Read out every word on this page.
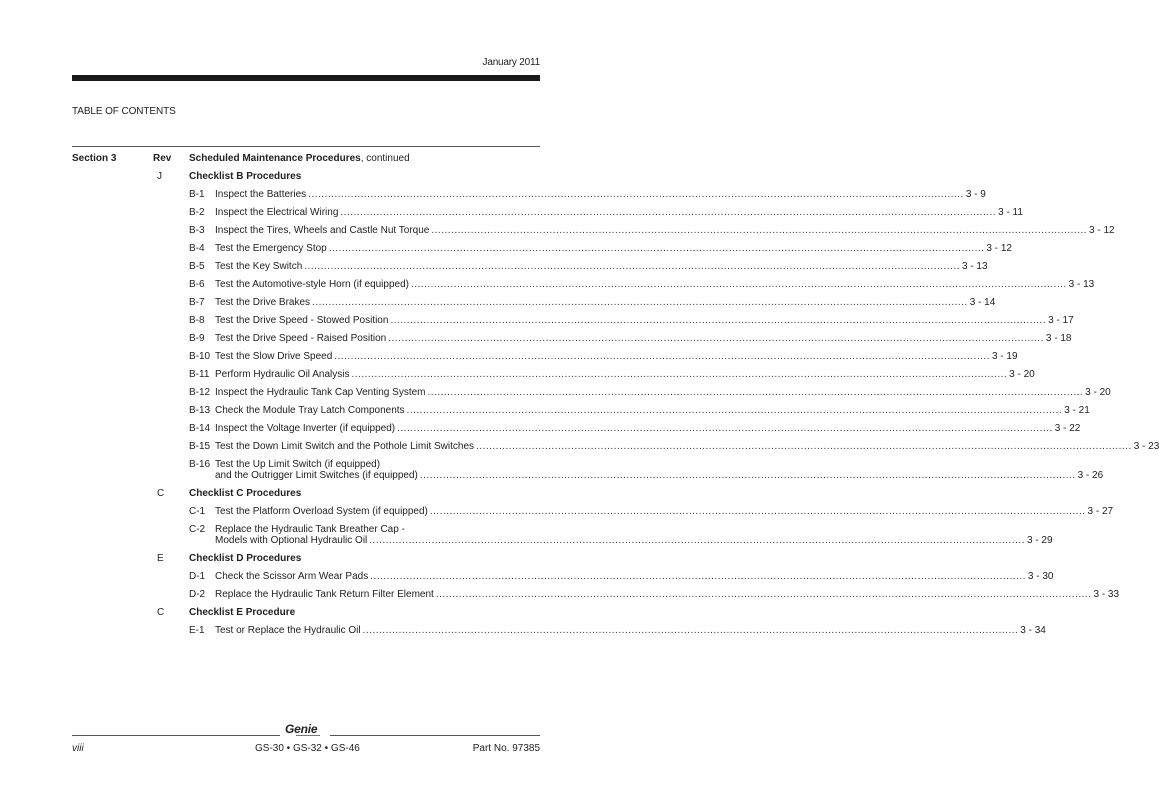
January 2011
TABLE OF CONTENTS
Section 3	Rev Scheduled Maintenance Procedures, continued
J	Checklist B Procedures
B-1 Inspect the Batteries ........................................................................................................................................................................................................ 3 - 9
B-2 Inspect the Electrical Wiring ........................................................................................................................................................................................................ 3 - 11
B-3 Inspect the Tires, Wheels and Castle Nut Torque ........................................................................................................................................................................................................ 3 - 12
B-4 Test the Emergency Stop ........................................................................................................................................................................................................ 3 - 12
B-5 Test the Key Switch ........................................................................................................................................................................................................ 3 - 13
B-6 Test the Automotive-style Horn (if equipped) ........................................................................................................................................................................................................ 3 - 13
B-7 Test the Drive Brakes ........................................................................................................................................................................................................ 3 - 14
B-8 Test the Drive Speed - Stowed Position ........................................................................................................................................................................................................ 3 - 17
B-9 Test the Drive Speed - Raised Position ........................................................................................................................................................................................................ 3 - 18
B-10 Test the Slow Drive Speed ........................................................................................................................................................................................................ 3 - 19
B-11 Perform Hydraulic Oil Analysis ........................................................................................................................................................................................................ 3 - 20
B-12 Inspect the Hydraulic Tank Cap Venting System ........................................................................................................................................................................................................ 3 - 20
B-13 Check the Module Tray Latch Components ........................................................................................................................................................................................................ 3 - 21
B-14 Inspect the Voltage Inverter (if equipped) ........................................................................................................................................................................................................ 3 - 22
B-15 Test the Down Limit Switch and the Pothole Limit Switches ........................................................................................................................................................................................................ 3 - 23
B-16 Test the Up Limit Switch (if equipped)
and the Outrigger Limit Switches (if equipped) ........................................................................................................................................................................................................ 3 - 26
C	Checklist C Procedures
C-1 Test the Platform Overload System (if equipped) ........................................................................................................................................................................................................ 3 - 27
C-2 Replace the Hydraulic Tank Breather Cap -
Models with Optional Hydraulic Oil ........................................................................................................................................................................................................ 3 - 29
E	Checklist D Procedures
D-1 Check the Scissor Arm Wear Pads ........................................................................................................................................................................................................ 3 - 30
D-2 Replace the Hydraulic Tank Return Filter Element ........................................................................................................................................................................................................ 3 - 33
C	Checklist E Procedure
E-1 Test or Replace the Hydraulic Oil ........................................................................................................................................................................................................ 3 - 34
Genie
viii	GS-30 • GS-32 • GS-46	Part No. 97385
